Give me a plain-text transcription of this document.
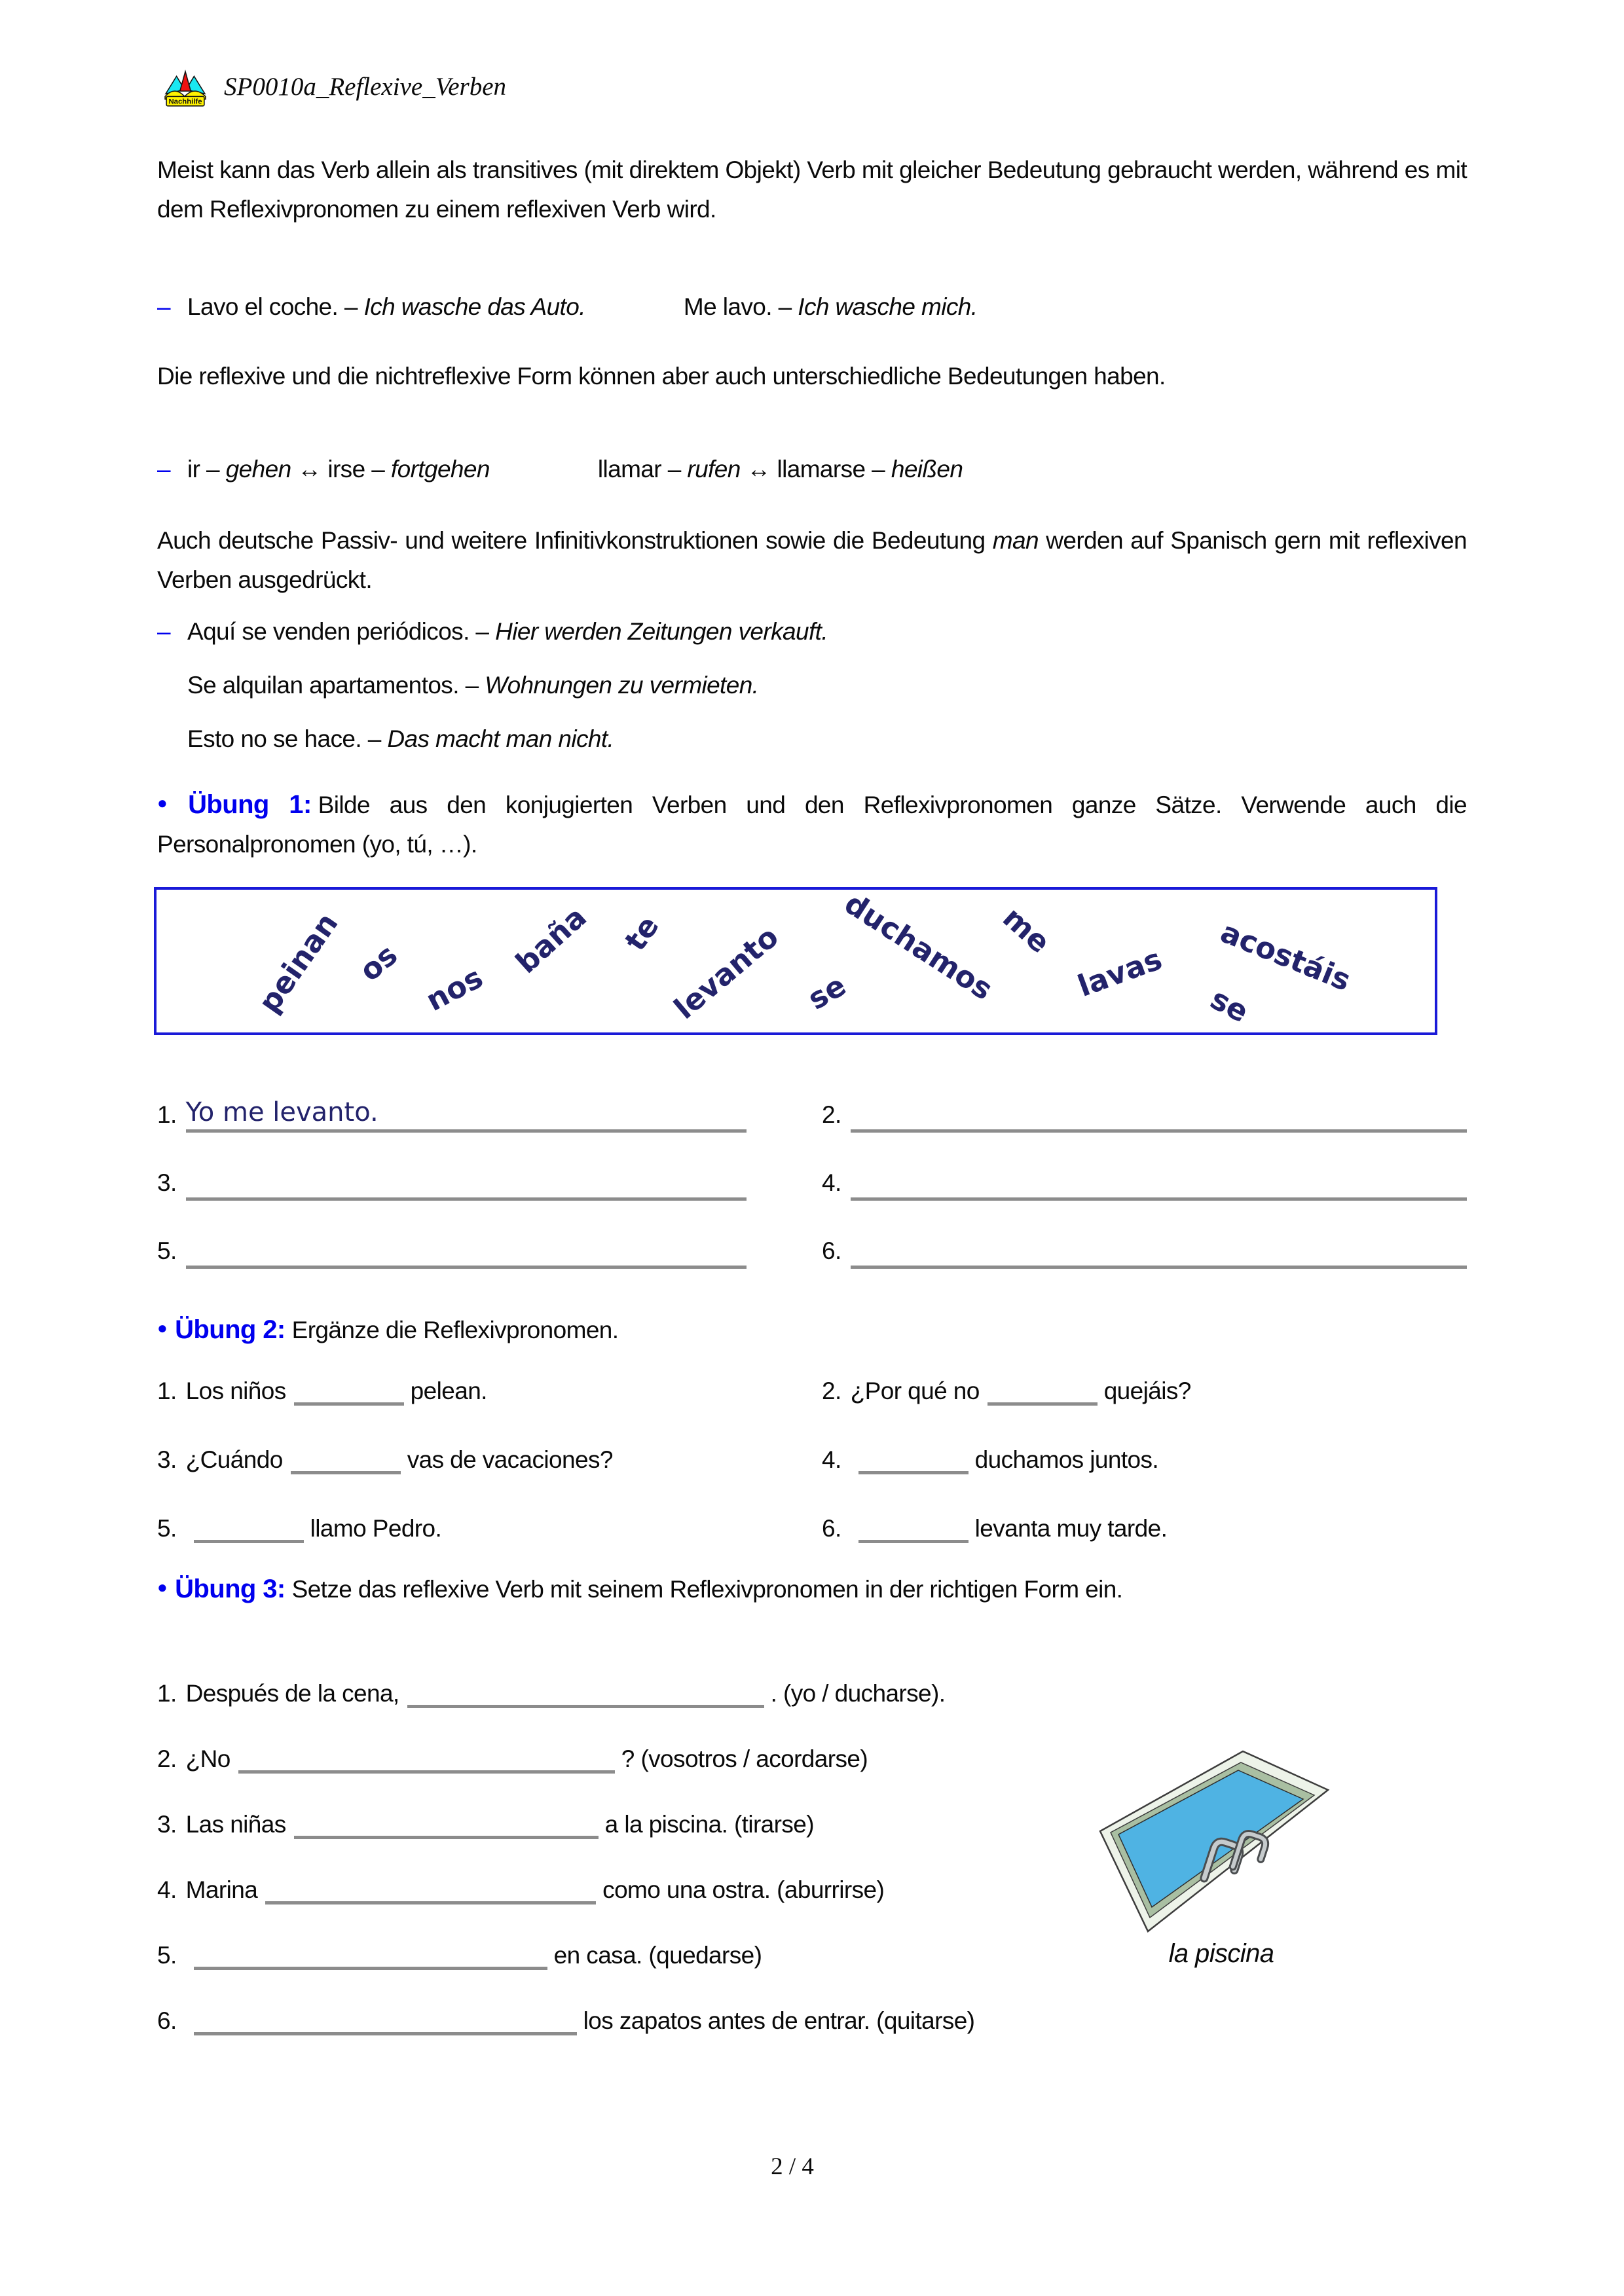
Nachhilfe
SP0010a_Reflexive_Verben

Meist kann das Verb allein als transitives (mit direktem Objekt) Verb mit gleicher Bedeutung gebraucht werden, während es mit dem Reflexivpronomen zu einem reflexiven Verb wird.

– Lavo el coche. – Ich wasche das Auto.	Me lavo. – Ich wasche mich.

Die reflexive und die nichtreflexive Form können aber auch unterschiedliche Bedeutungen haben.

– ir – gehen ↔ irse – fortgehen	llamar – rufen ↔ llamarse – heißen

Auch deutsche Passiv- und weitere Infinitivkonstruktionen sowie die Bedeutung man werden auf Spanisch gern mit reflexiven Verben ausgedrückt.

– Aquí se venden periódicos. – Hier werden Zeitungen verkauft.

Se alquilan apartamentos. – Wohnungen zu vermieten.

Esto no se hace. – Das macht man nicht.

● Übung 1: Bilde aus den konjugierten Verben und den Reflexivpronomen ganze Sätze. Verwende auch die Personalpronomen (yo, tú, …).

peinan os nos
baña te levanto se
duchamos
me
lavas acostáis
se
1. Yo me levanto.	2.
3.	4.
5.	6.

● Übung 2: Ergänze die Reflexivpronomen.

1. Los niños	pelean.	2. ¿Por qué no	quejáis?
3. ¿Cuándo	vas de vacaciones?	4.	duchamos juntos.
5.	llamo Pedro.	6.	levanta muy tarde.

● Übung 3: Setze das reflexive Verb mit seinem Reflexivpronomen in der richtigen Form ein.

1. Después de la cena,	. (yo / ducharse).
2. ¿No	? (vosotros / acordarse)
3. Las niñas	a la piscina. (tirarse)
4. Marina	como una ostra. (aburrirse)
5.	en casa. (quedarse)
6.	los zapatos antes de entrar. (quitarse)
la piscina
2 / 4
